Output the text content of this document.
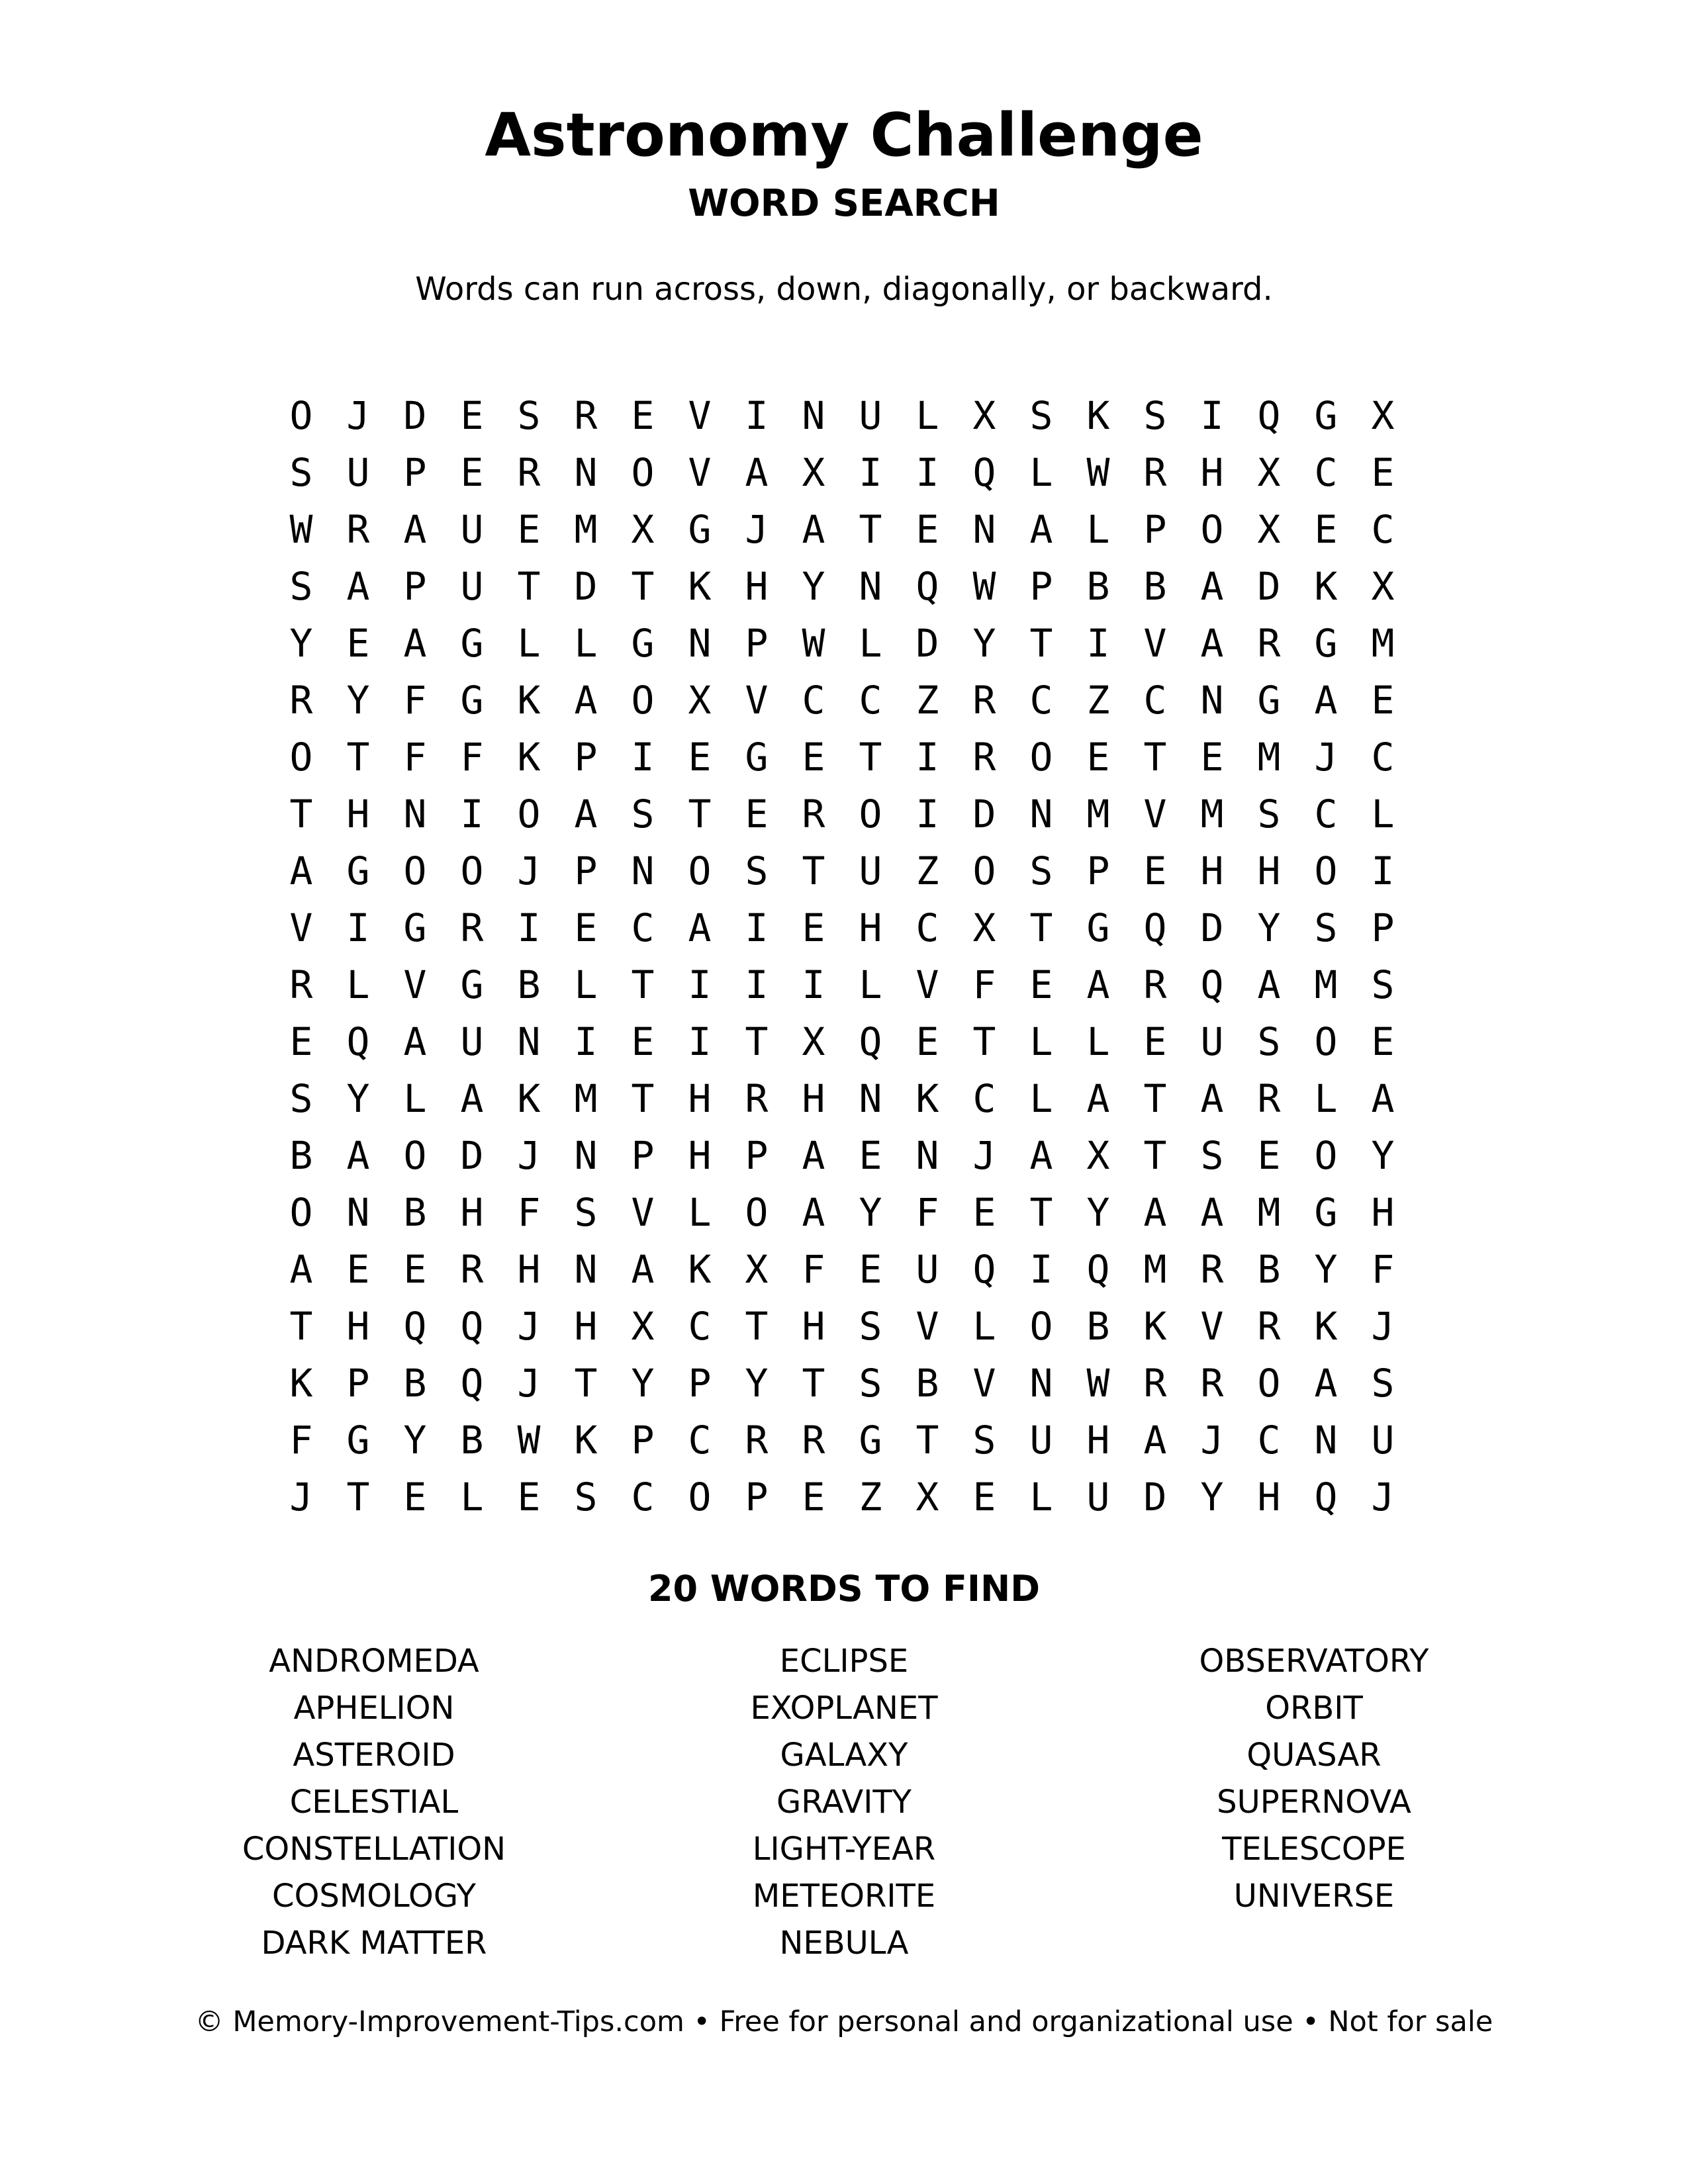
Astronomy Challenge
WORD SEARCH
Words can run across, down, diagonally, or backward.
O J D E S R E V I N U L X S K S I Q G X
S U P E R N O V A X I I Q L W R H X C E
W R A U E M X G J A T E N A L P O X E C
S A P U T D T K H Y N Q W P B B A D K X
Y E A G L L G N P W L D Y T I V A R G M
R Y F G K A O X V C C Z R C Z C N G A E
O T F F K P I E G E T I R O E T E M J C
T H N I O A S T E R O I D N M V M S C L
A G O O J P N O S T U Z O S P E H H O I
V I G R I E C A I E H C X T G Q D Y S P
R L V G B L T I I I L V F E A R Q A M S
E Q A U N I E I T X Q E T L L E U S O E
S Y L A K M T H R H N K C L A T A R L A
B A O D J N P H P A E N J A X T S E O Y
O N B H F S V L O A Y F E T Y A A M G H
A E E R H N A K X F E U Q I Q M R B Y F
T H Q Q J H X C T H S V L O B K V R K J
K P B Q J T Y P Y T S B V N W R R O A S
F G Y B W K P C R R G T S U H A J C N U
J T E L E S C O P E Z X E L U D Y H Q J
20 WORDS TO FIND
ANDROMEDA
APHELION
ASTEROID
CELESTIAL
CONSTELLATION
COSMOLOGY
DARK MATTER
ECLIPSE
EXOPLANET
GALAXY
GRAVITY
LIGHT-YEAR
METEORITE
NEBULA
OBSERVATORY
ORBIT
QUASAR
SUPERNOVA
TELESCOPE
UNIVERSE
© Memory-Improvement-Tips.com • Free for personal and organizational use • Not for sale
